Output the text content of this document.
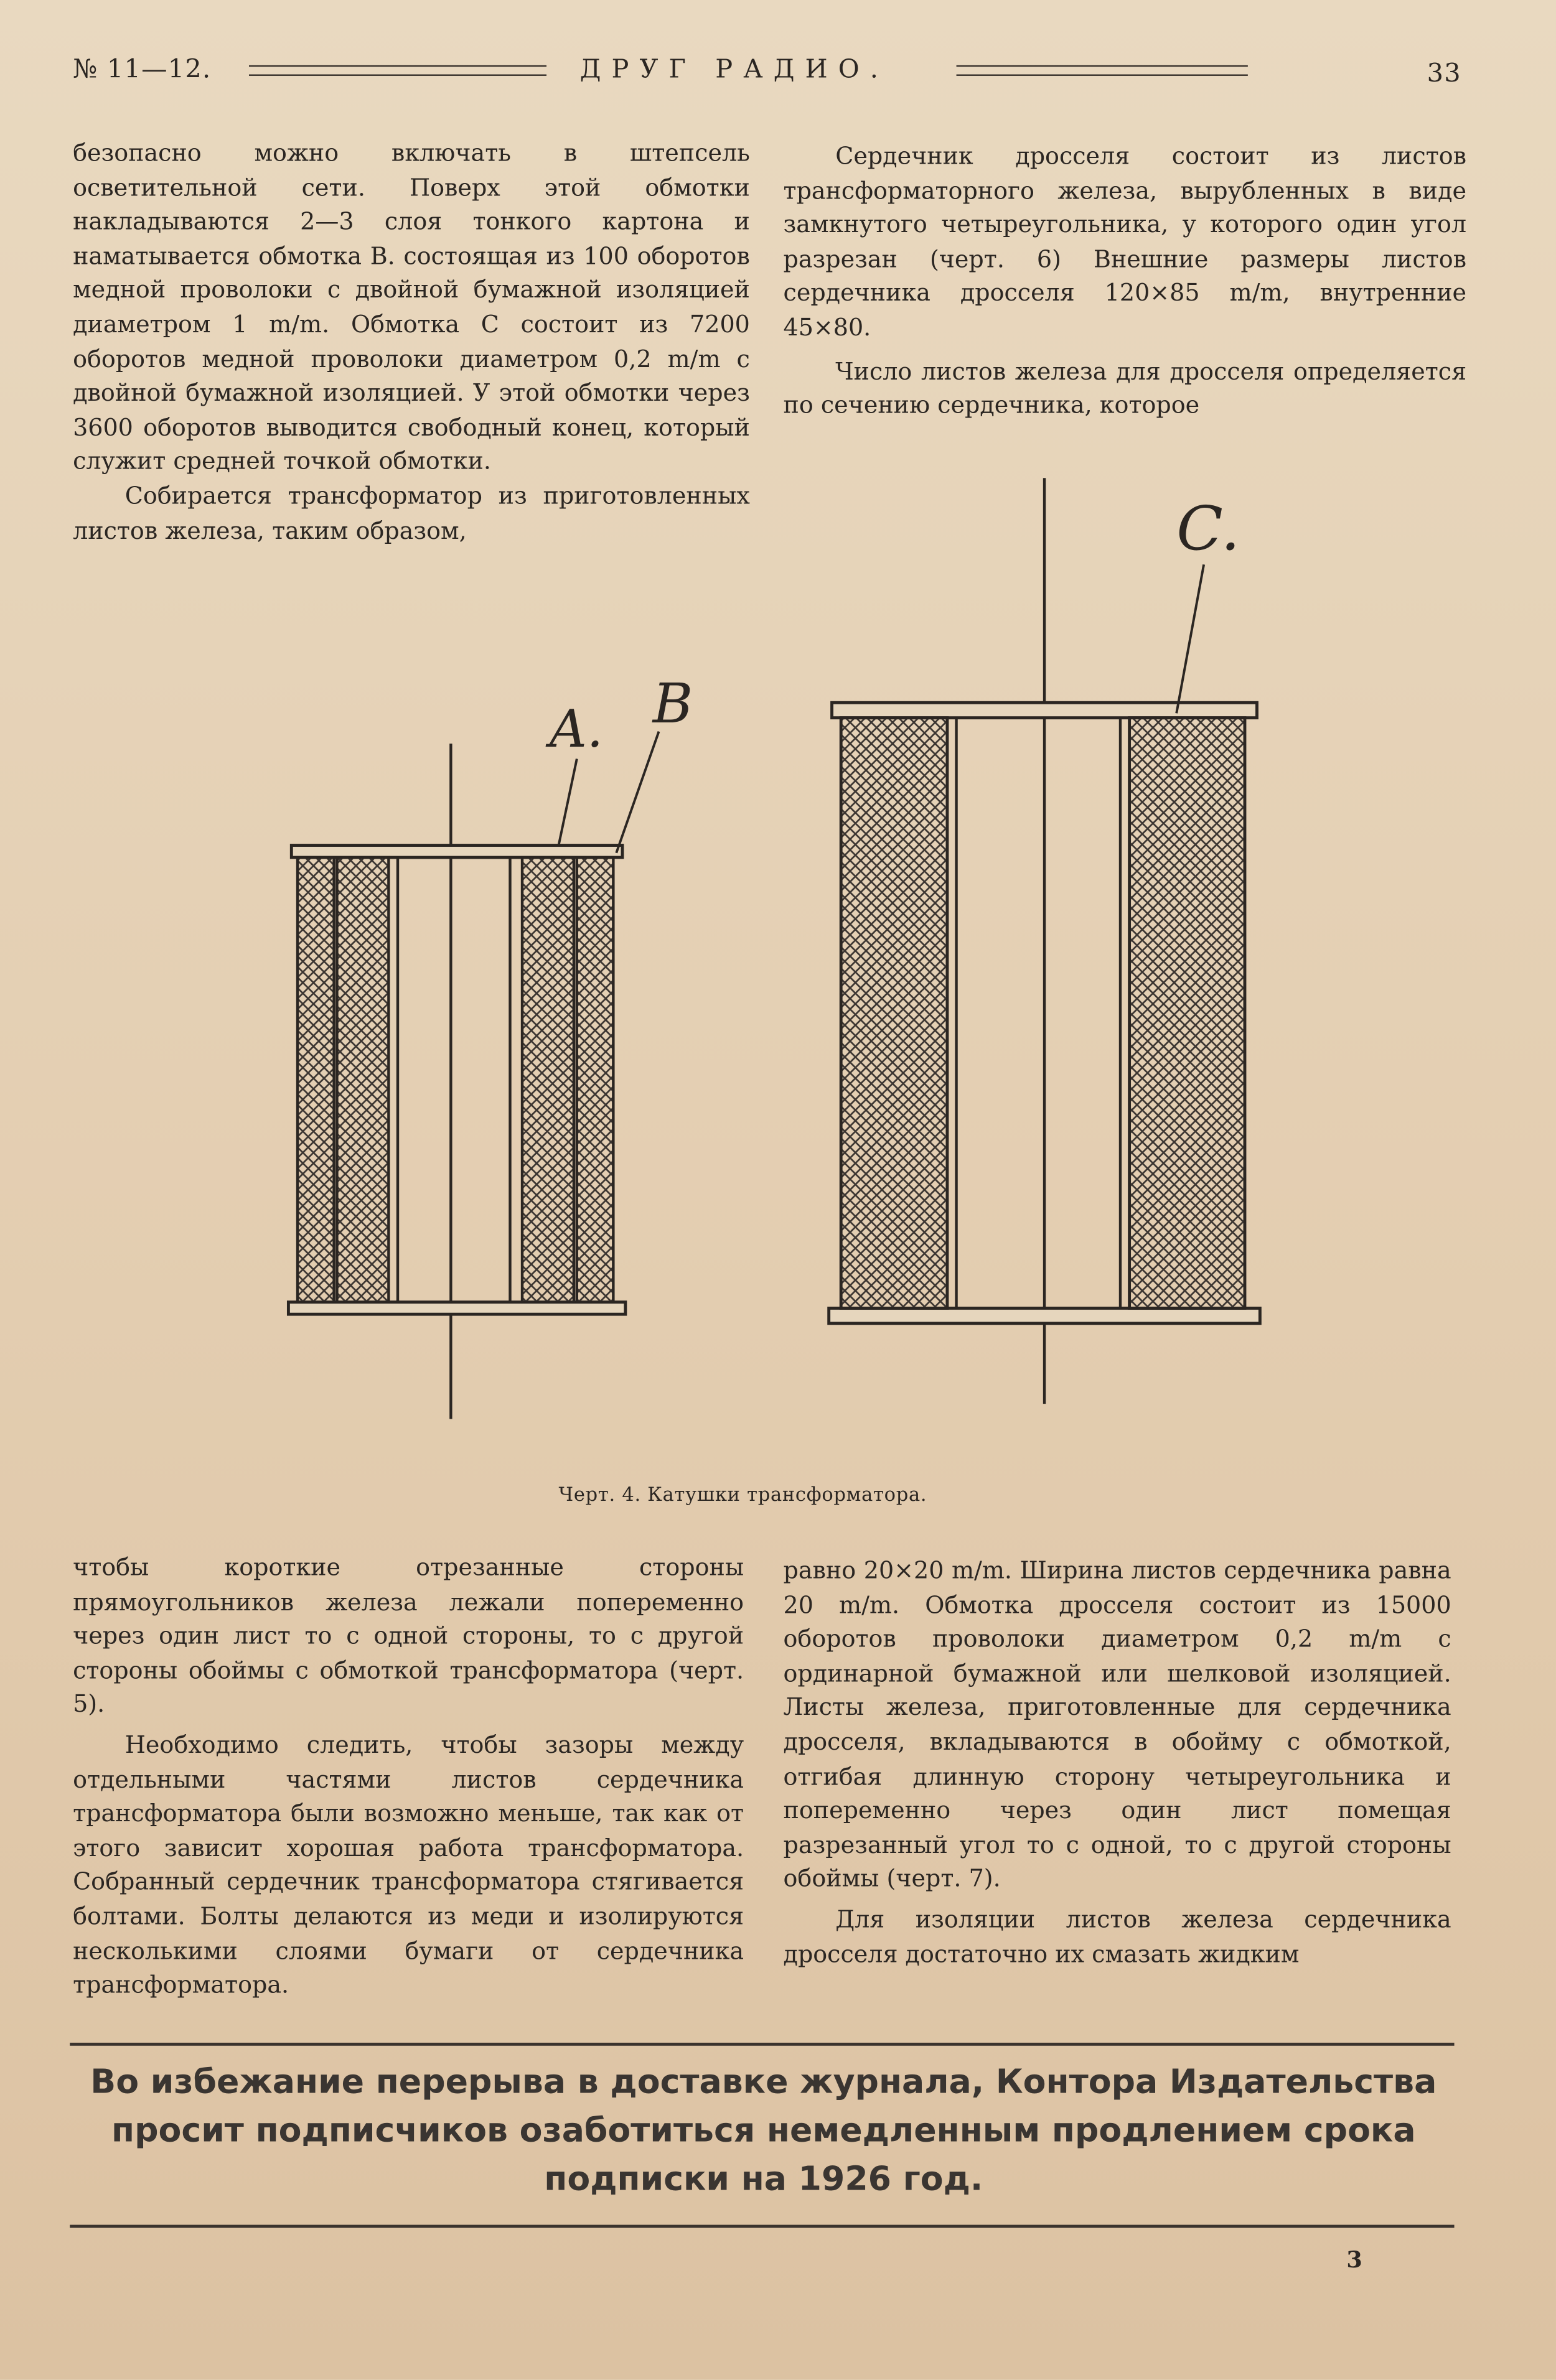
№ 11—12.	ДРУГ РАДИО.	33

безопасно можно включать в штепсель осветительной сети. Поверх этой обмотки накладываются 2—3 слоя тонкого картона и наматывается обмотка B. состоящая из 100 оборотов медной проволоки с двойной бумажной изоляцией диаметром 1 m/m. Обмотка C состоит из 7200 оборотов медной проволоки диаметром 0,2 m/m с двойной бумажной изоляцией. У этой обмотки через 3600 оборотов выводится свободный конец, который служит средней точкой обмотки.

Собирается трансформатор из приготовленных листов железа, таким образом,

Сердечник дросселя состоит из листов трансформаторного железа, вырубленных в виде замкнутого четыреугольника, у которого один угол разрезан (черт. 6) Внешние размеры листов сердечника дросселя 120×85 m/m, внутренние 45×80.

Число листов железа для дросселя определяется по сечению сердечника, которое

A. B
C.
Черт. 4. Катушки трансформатора.

чтобы короткие отрезанные стороны прямоугольников железа лежали попеременно через один лист то с одной стороны, то с другой стороны обоймы с обмоткой трансформатора (черт. 5).

Необходимо следить, чтобы зазоры между отдельными частями листов сердечника трансформатора были возможно меньше, так как от этого зависит хорошая работа трансформатора. Собранный сердечник трансформатора стягивается болтами. Болты делаются из меди и изолируются несколькими слоями бумаги от сердечника трансформатора.

равно 20×20 m/m. Ширина листов сердечника равна 20 m/m. Обмотка дросселя состоит из 15000 оборотов проволоки диаметром 0,2 m/m с ординарной бумажной или шелковой изоляцией. Листы железа, приготовленные для сердечника дросселя, вкладываются в обойму с обмоткой, отгибая длинную сторону четыреугольника и попеременно через один лист помещая разрезанный угол то с одной, то с другой стороны обоймы (черт. 7).

Для изоляции листов железа сердечника дросселя достаточно их смазать жидким

Во избежание перерыва в доставке журнала, Контора Издательства
просит подписчиков озаботиться немедленным продлением срока
подписки на 1926 год.
3
